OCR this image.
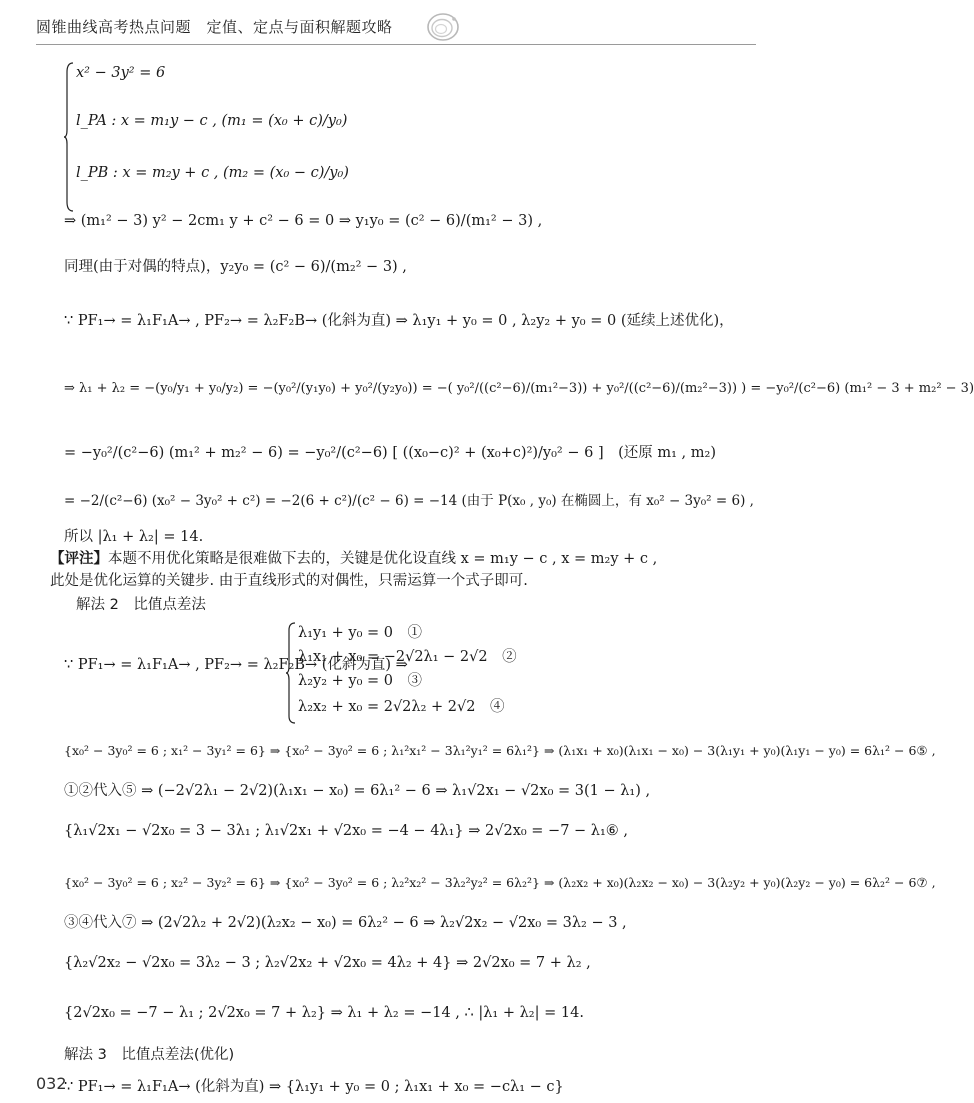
圆锥曲线高考热点问题　定值、定点与面积解题攻略
x² − 3y² = 6
l_PA : x = m₁y − c , (m₁ = (x₀ + c)/y₀)
l_PB : x = m₂y + c , (m₂ = (x₀ − c)/y₀)
⇒ (m₁² − 3) y² − 2cm₁ y + c² − 6 = 0 ⇒ y₁y₀ = (c² − 6)/(m₁² − 3) ,
同理(由于对偶的特点)，y₂y₀ = (c² − 6)/(m₂² − 3) ,
∵ PF₁→ = λ₁F₁A→ , PF₂→ = λ₂F₂B→ (化斜为直) ⇒ λ₁y₁ + y₀ = 0 , λ₂y₂ + y₀ = 0 (延续上述优化)，
⇒ λ₁ + λ₂ = −(y₀/y₁ + y₀/y₂) = −(y₀²/(y₁y₀) + y₀²/(y₂y₀)) = −( y₀²/((c²−6)/(m₁²−3)) + y₀²/((c²−6)/(m₂²−3)) ) = −y₀²/(c²−6) (m₁² − 3 + m₂² − 3)
= −y₀²/(c²−6) (m₁² + m₂² − 6) = −y₀²/(c²−6) [ ((x₀−c)² + (x₀+c)²)/y₀² − 6 ]　(还原 m₁ , m₂)
= −2/(c²−6) (x₀² − 3y₀² + c²) = −2(6 + c²)/(c² − 6) = −14 (由于 P(x₀ , y₀) 在椭圆上，有 x₀² − 3y₀² = 6) ,
所以 |λ₁ + λ₂| = 14.
【评注】本题不用优化策略是很难做下去的，关键是优化设直线 x = m₁y − c , x = m₂y + c ,
此处是优化运算的关键步. 由于直线形式的对偶性，只需运算一个式子即可.
解法 2　比值点差法
∵ PF₁→ = λ₁F₁A→ , PF₂→ = λ₂F₂B→ (化斜为直) ⇒
λ₁y₁ + y₀ = 0　①
λ₁x₁ + x₀ = −2√2λ₁ − 2√2　②
λ₂y₂ + y₀ = 0　③
λ₂x₂ + x₀ = 2√2λ₂ + 2√2　④
{x₀² − 3y₀² = 6 ; x₁² − 3y₁² = 6} ⇒ {x₀² − 3y₀² = 6 ; λ₁²x₁² − 3λ₁²y₁² = 6λ₁²} ⇒ (λ₁x₁ + x₀)(λ₁x₁ − x₀) − 3(λ₁y₁ + y₀)(λ₁y₁ − y₀) = 6λ₁² − 6⑤ ,
①②代入⑤ ⇒ (−2√2λ₁ − 2√2)(λ₁x₁ − x₀) = 6λ₁² − 6 ⇒ λ₁√2x₁ − √2x₀ = 3(1 − λ₁) ,
{λ₁√2x₁ − √2x₀ = 3 − 3λ₁ ; λ₁√2x₁ + √2x₀ = −4 − 4λ₁} ⇒ 2√2x₀ = −7 − λ₁⑥ ,
{x₀² − 3y₀² = 6 ; x₂² − 3y₂² = 6} ⇒ {x₀² − 3y₀² = 6 ; λ₂²x₂² − 3λ₂²y₂² = 6λ₂²} ⇒ (λ₂x₂ + x₀)(λ₂x₂ − x₀) − 3(λ₂y₂ + y₀)(λ₂y₂ − y₀) = 6λ₂² − 6⑦ ,
③④代入⑦ ⇒ (2√2λ₂ + 2√2)(λ₂x₂ − x₀) = 6λ₂² − 6 ⇒ λ₂√2x₂ − √2x₀ = 3λ₂ − 3 ,
{λ₂√2x₂ − √2x₀ = 3λ₂ − 3 ; λ₂√2x₂ + √2x₀ = 4λ₂ + 4} ⇒ 2√2x₀ = 7 + λ₂ ,
{2√2x₀ = −7 − λ₁ ; 2√2x₀ = 7 + λ₂} ⇒ λ₁ + λ₂ = −14 , ∴ |λ₁ + λ₂| = 14.
解法 3　比值点差法(优化)
∵ PF₁→ = λ₁F₁A→ (化斜为直) ⇒ {λ₁y₁ + y₀ = 0 ; λ₁x₁ + x₀ = −cλ₁ − c}
032
